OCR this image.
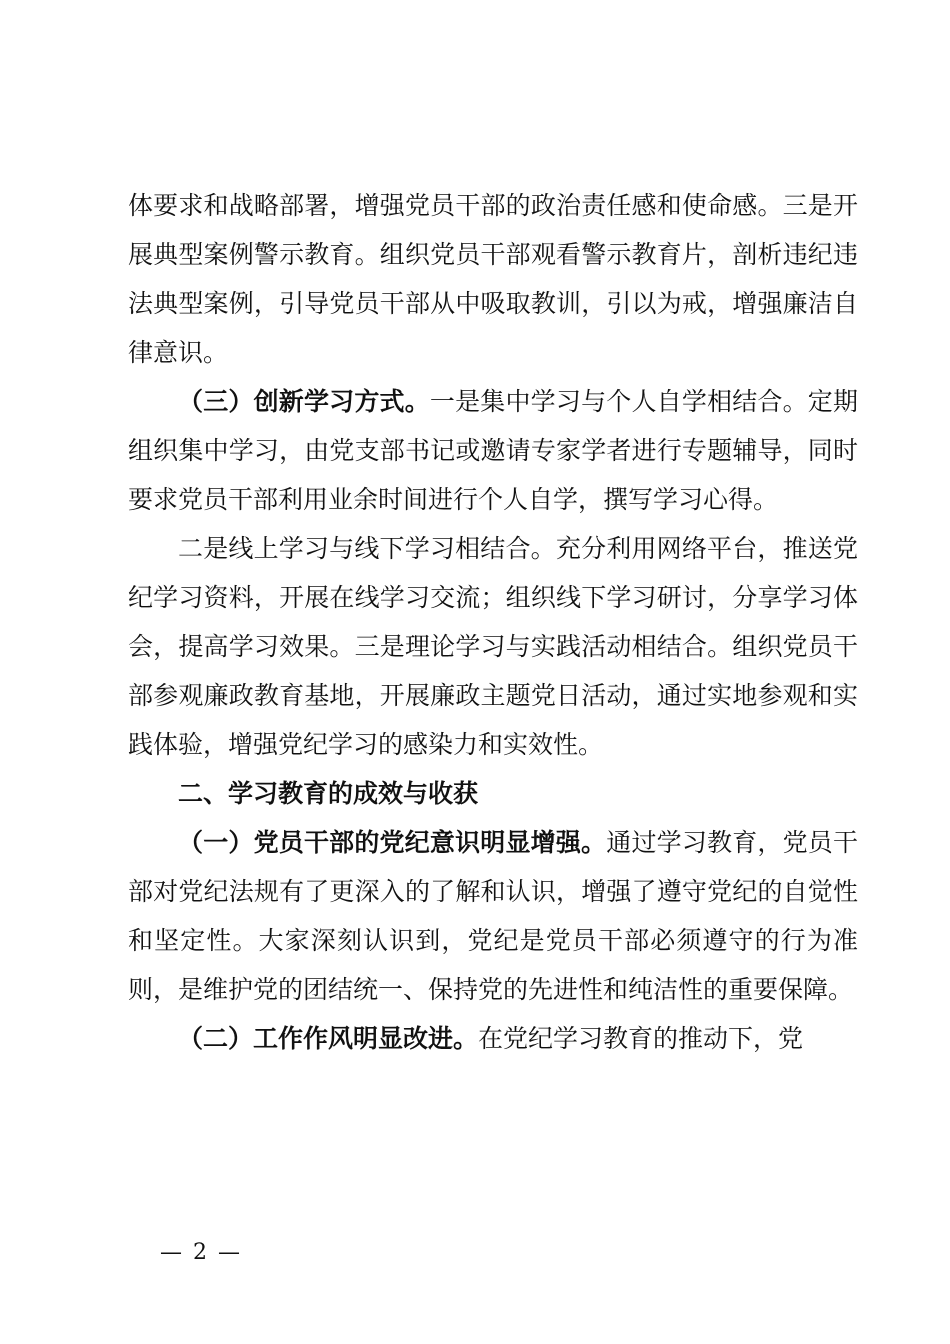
体要求和战略部署，增强党员干部的政治责任感和使命感。三是开展典型案例警示教育。组织党员干部观看警示教育片，剖析违纪违法典型案例，引导党员干部从中吸取教训，引以为戒，增强廉洁自律意识。

（三）创新学习方式。一是集中学习与个人自学相结合。定期组织集中学习，由党支部书记或邀请专家学者进行专题辅导，同时要求党员干部利用业余时间进行个人自学，撰写学习心得。

二是线上学习与线下学习相结合。充分利用网络平台，推送党纪学习资料，开展在线学习交流；组织线下学习研讨，分享学习体会，提高学习效果。三是理论学习与实践活动相结合。组织党员干部参观廉政教育基地，开展廉政主题党日活动，通过实地参观和实践体验，增强党纪学习的感染力和实效性。

二、学习教育的成效与收获

（一）党员干部的党纪意识明显增强。通过学习教育，党员干部对党纪法规有了更深入的了解和认识，增强了遵守党纪的自觉性和坚定性。大家深刻认识到，党纪是党员干部必须遵守的行为准则，是维护党的团结统一、保持党的先进性和纯洁性的重要保障。

（二）工作作风明显改进。在党纪学习教育的推动下，党

— 2 —
